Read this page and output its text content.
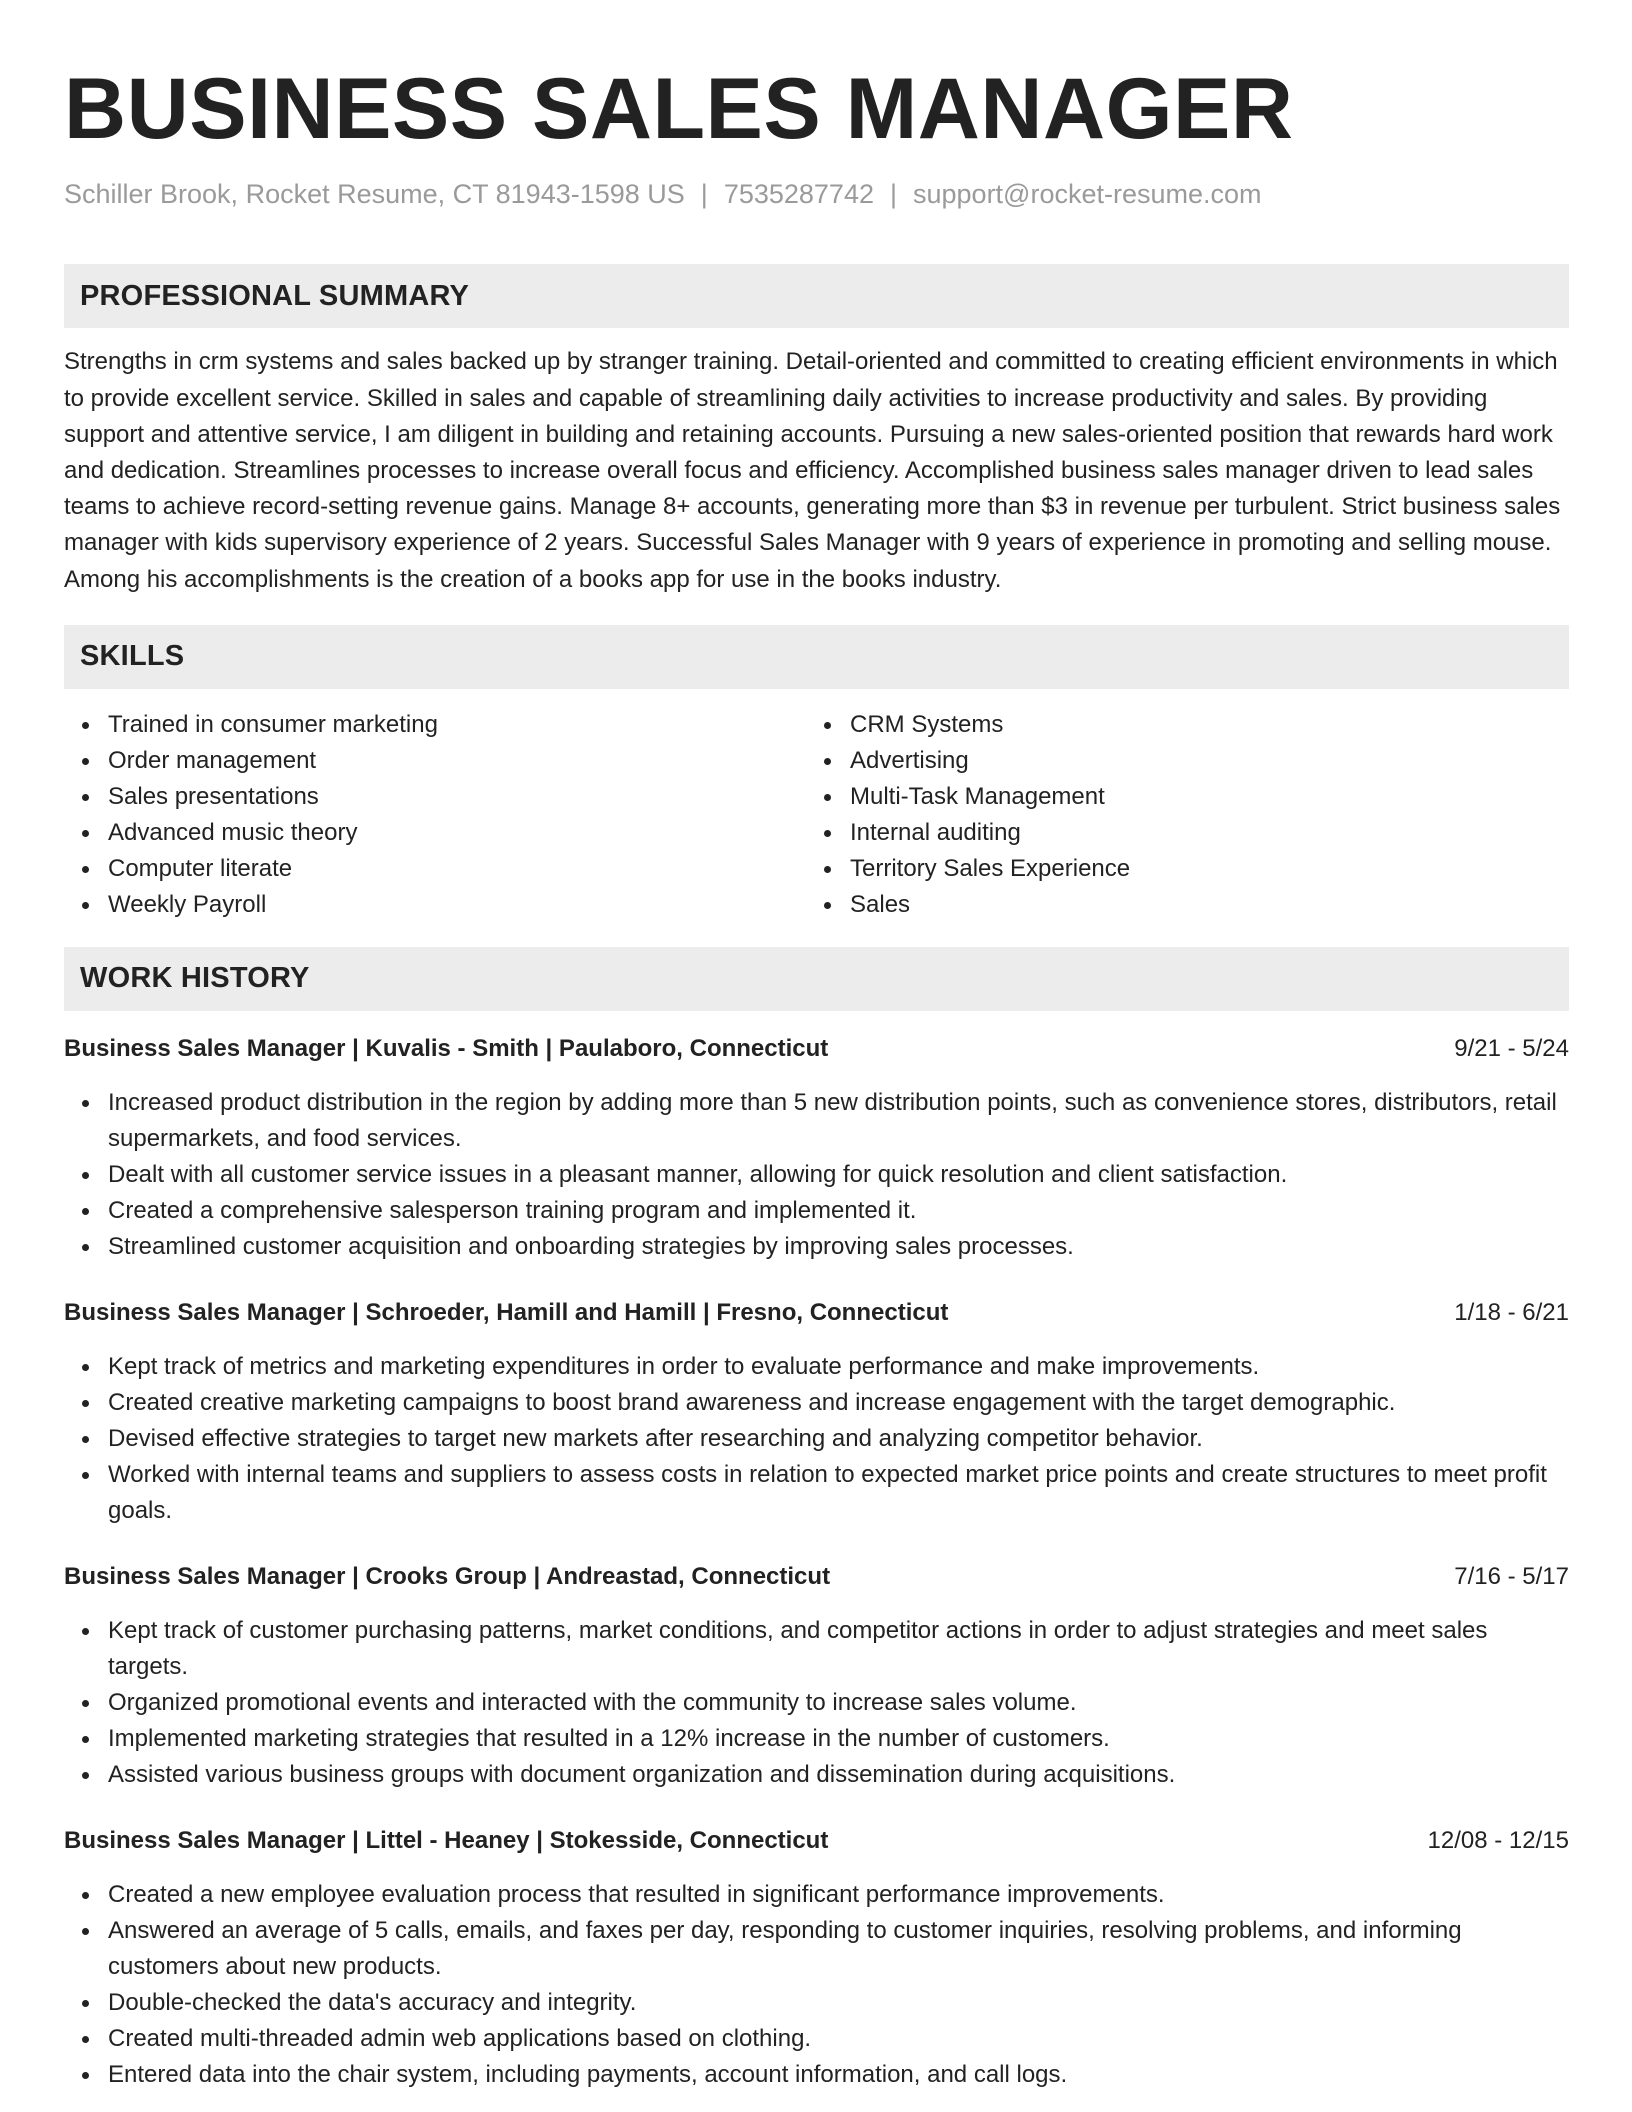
BUSINESS SALES MANAGER
Schiller Brook, Rocket Resume, CT 81943-1598 US | 7535287742 | support@rocket-resume.com
PROFESSIONAL SUMMARY

Strengths in crm systems and sales backed up by stranger training. Detail-oriented and committed to creating efficient environments in which to provide excellent service. Skilled in sales and capable of streamlining daily activities to increase productivity and sales. By providing support and attentive service, I am diligent in building and retaining accounts. Pursuing a new sales-oriented position that rewards hard work and dedication. Streamlines processes to increase overall focus and efficiency. Accomplished business sales manager driven to lead sales teams to achieve record-setting revenue gains. Manage 8+ accounts, generating more than $3 in revenue per turbulent. Strict business sales manager with kids supervisory experience of 2 years. Successful Sales Manager with 9 years of experience in promoting and selling mouse. Among his accomplishments is the creation of a books app for use in the books industry.

SKILLS
Trained in consumer marketing
Order management
Sales presentations
Advanced music theory
Computer literate
Weekly Payroll
CRM Systems
Advertising
Multi-Task Management
Internal auditing
Territory Sales Experience
Sales
WORK HISTORY
Business Sales Manager | Kuvalis - Smith | Paulaboro, Connecticut	9/21 - 5/24
Increased product distribution in the region by adding more than 5 new distribution points, such as convenience stores, distributors, retail supermarkets, and food services.
Dealt with all customer service issues in a pleasant manner, allowing for quick resolution and client satisfaction.
Created a comprehensive salesperson training program and implemented it.
Streamlined customer acquisition and onboarding strategies by improving sales processes.
Business Sales Manager | Schroeder, Hamill and Hamill | Fresno, Connecticut	1/18 - 6/21
Kept track of metrics and marketing expenditures in order to evaluate performance and make improvements.
Created creative marketing campaigns to boost brand awareness and increase engagement with the target demographic.
Devised effective strategies to target new markets after researching and analyzing competitor behavior.
Worked with internal teams and suppliers to assess costs in relation to expected market price points and create structures to meet profit goals.
Business Sales Manager | Crooks Group | Andreastad, Connecticut	7/16 - 5/17
Kept track of customer purchasing patterns, market conditions, and competitor actions in order to adjust strategies and meet sales targets.
Organized promotional events and interacted with the community to increase sales volume.
Implemented marketing strategies that resulted in a 12% increase in the number of customers.
Assisted various business groups with document organization and dissemination during acquisitions.
Business Sales Manager | Littel - Heaney | Stokesside, Connecticut	12/08 - 12/15
Created a new employee evaluation process that resulted in significant performance improvements.
Answered an average of 5 calls, emails, and faxes per day, responding to customer inquiries, resolving problems, and informing customers about new products.
Double-checked the data's accuracy and integrity.
Created multi-threaded admin web applications based on clothing.
Entered data into the chair system, including payments, account information, and call logs.
